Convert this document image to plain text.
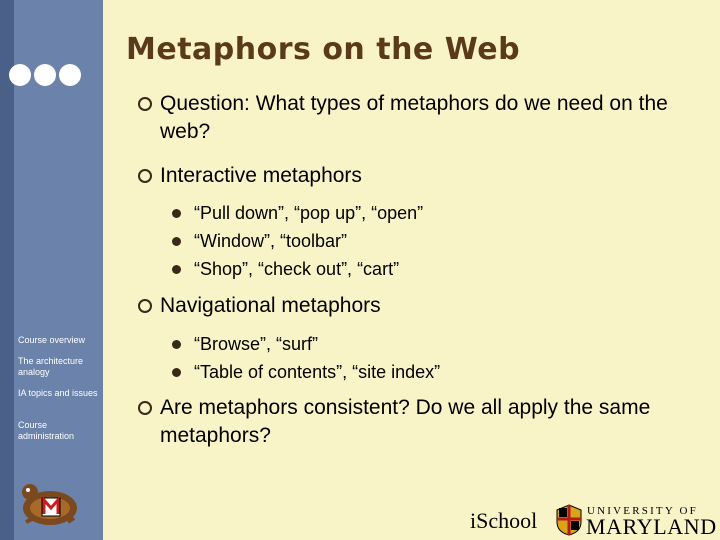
Course overview
The architecture analogy
IA topics and issues
Course administration
Metaphors on the Web
Question: What types of metaphors do we need on the web?
Interactive metaphors
“Pull down”, “pop up”, “open”
“Window”, “toolbar”
“Shop”, “check out”, “cart”
Navigational metaphors
“Browse”, “surf”
“Table of contents”, “site index”
Are metaphors consistent? Do we all apply the same metaphors?
iSchool	UNIVERSITY OF
MARYLAND
